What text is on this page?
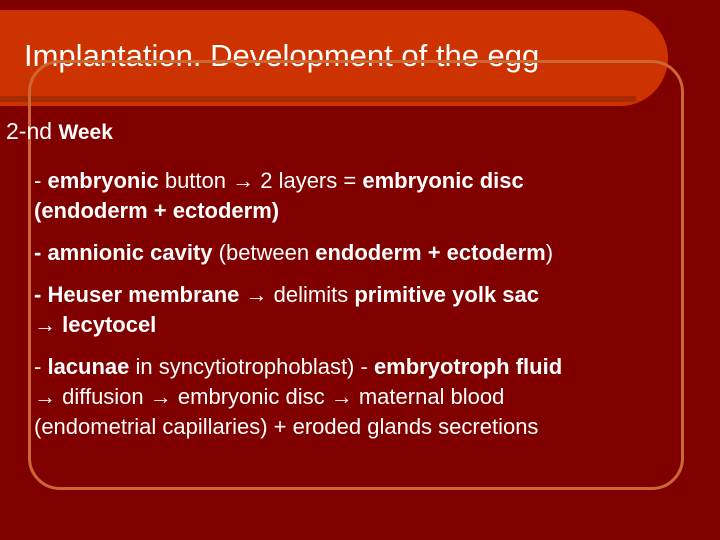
Implantation. Development of the egg
2-nd Week
- embryonic button → 2 layers = embryonic disc
(endoderm + ectoderm)
- amnionic cavity (between endoderm + ectoderm)
- Heuser membrane → delimits primitive yolk sac
→ lecytocel
- lacunae in syncytiotrophoblast) - embryotroph fluid
→ diffusion → embryonic disc → maternal blood
(endometrial capillaries) + eroded glands secretions
